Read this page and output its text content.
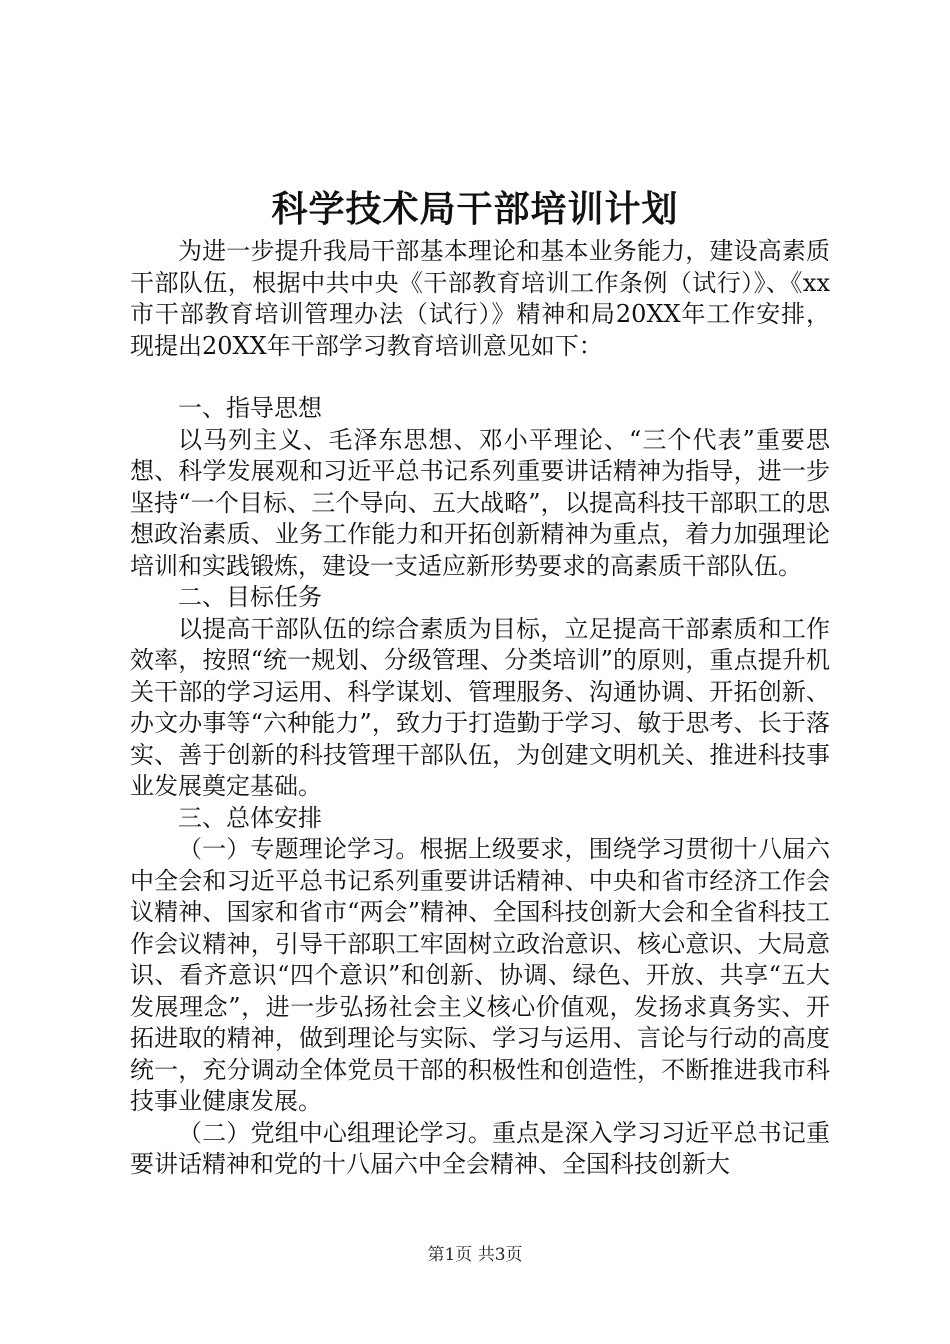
科学技术局干部培训计划

为进一步提升我局干部基本理论和基本业务能力，建设高素质干部队伍，根据中共中央《干部教育培训工作条例（试行）》、《xx市干部教育培训管理办法（试行）》精神和局20XX年工作安排，现提出20XX年干部学习教育培训意见如下：

一、指导思想

以马列主义、毛泽东思想、邓小平理论、“三个代表”重要思想、科学发展观和习近平总书记系列重要讲话精神为指导，进一步坚持“一个目标、三个导向、五大战略”，以提高科技干部职工的思想政治素质、业务工作能力和开拓创新精神为重点，着力加强理论培训和实践锻炼，建设一支适应新形势要求的高素质干部队伍。

二、目标任务

以提高干部队伍的综合素质为目标，立足提高干部素质和工作效率，按照“统一规划、分级管理、分类培训”的原则，重点提升机关干部的学习运用、科学谋划、管理服务、沟通协调、开拓创新、办文办事等“六种能力”，致力于打造勤于学习、敏于思考、长于落实、善于创新的科技管理干部队伍，为创建文明机关、推进科技事业发展奠定基础。

三、总体安排

（一）专题理论学习。根据上级要求，围绕学习贯彻十八届六中全会和习近平总书记系列重要讲话精神、中央和省市经济工作会议精神、国家和省市“两会”精神、全国科技创新大会和全省科技工作会议精神，引导干部职工牢固树立政治意识、核心意识、大局意识、看齐意识“四个意识”和创新、协调、绿色、开放、共享“五大发展理念”，进一步弘扬社会主义核心价值观，发扬求真务实、开拓进取的精神，做到理论与实际、学习与运用、言论与行动的高度统一，充分调动全体党员干部的积极性和创造性，不断推进我市科技事业健康发展。

（二）党组中心组理论学习。重点是深入学习习近平总书记重要讲话精神和党的十八届六中全会精神、全国科技创新大

第1页 共3页
